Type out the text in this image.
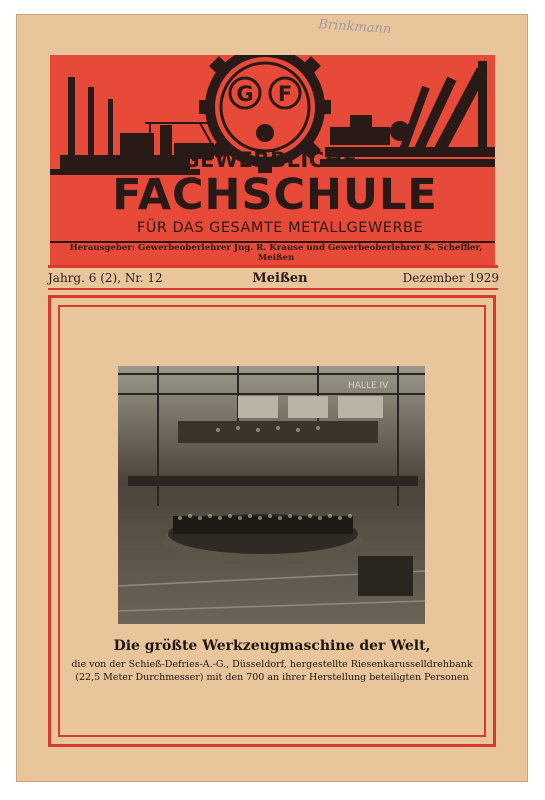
Brinkmann
G F
GEWERBLICHE
FACHSCHULE
FÜR DAS GESAMTE METALLGEWERBE
Herausgeber: Gewerbeoberlehrer Jng. R. Krause und Gewerbeoberlehrer K. Scheffler, Meißen
Jahrg. 6 (2), Nr. 12	Meißen	Dezember 1929
HALLE IV
Die größte Werkzeugmaschine der Welt,
die von der Schieß-Defries-A.-G., Düsseldorf, hergestellte Riesenkarusselldrehbank
(22,5 Meter Durchmesser) mit den 700 an ihrer Herstellung beteiligten Personen
